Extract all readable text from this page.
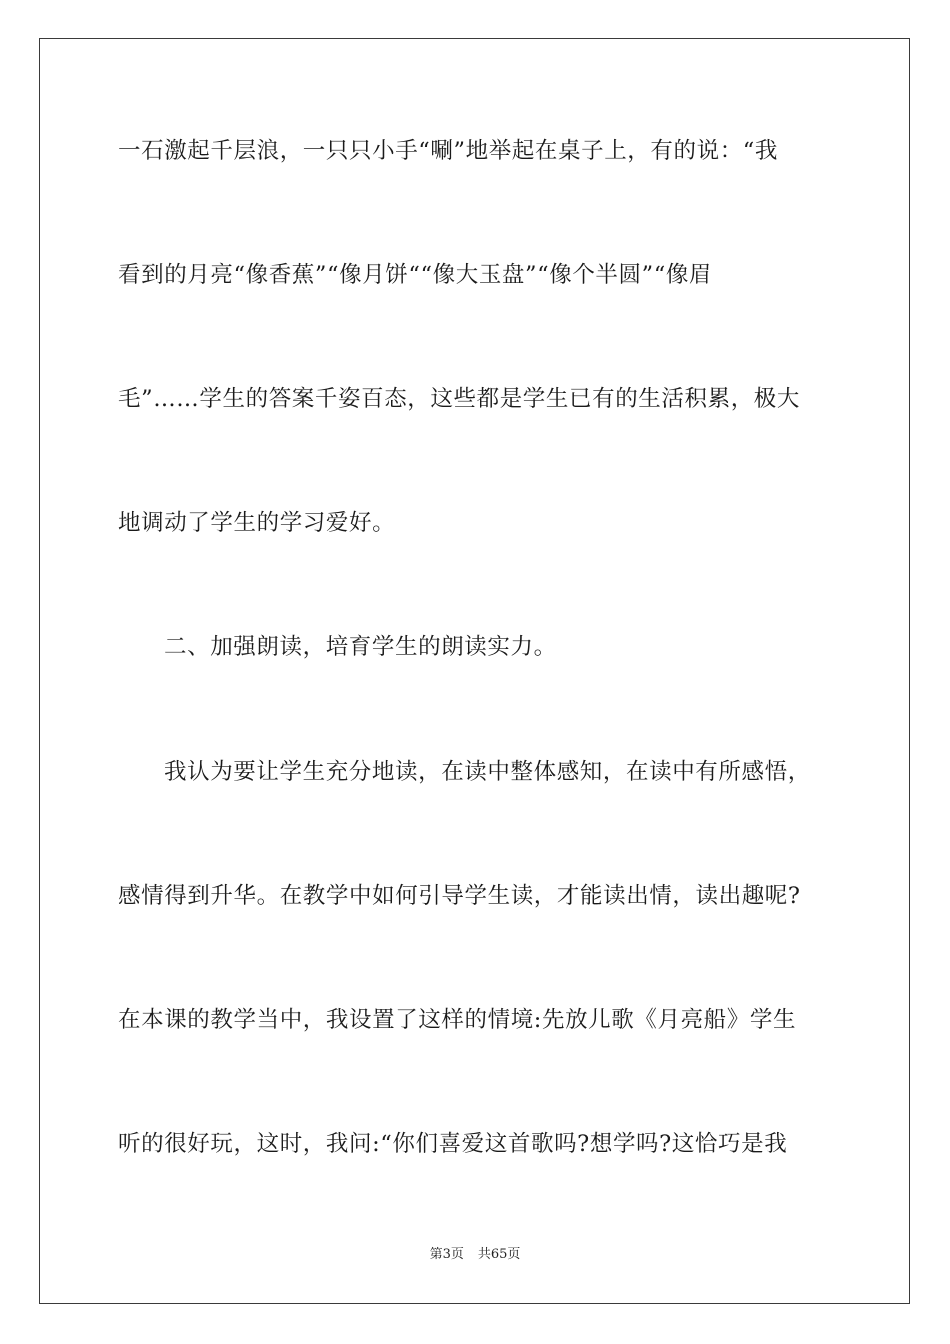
一石激起千层浪，一只只小手“唰”地举起在桌子上，有的说：“我
看到的月亮“像香蕉”“像月饼““像大玉盘”“像个半圆”“像眉
毛”……学生的答案千姿百态，这些都是学生已有的生活积累，极大
地调动了学生的学习爱好。
二、加强朗读，培育学生的朗读实力。
我认为要让学生充分地读，在读中整体感知，在读中有所感悟，
感情得到升华。在教学中如何引导学生读，才能读出情，读出趣呢?
在本课的教学当中，我设置了这样的情境:先放儿歌《月亮船》学生
听的很好玩，这时，我问:“你们喜爱这首歌吗?想学吗?这恰巧是我
第3页 共65页
